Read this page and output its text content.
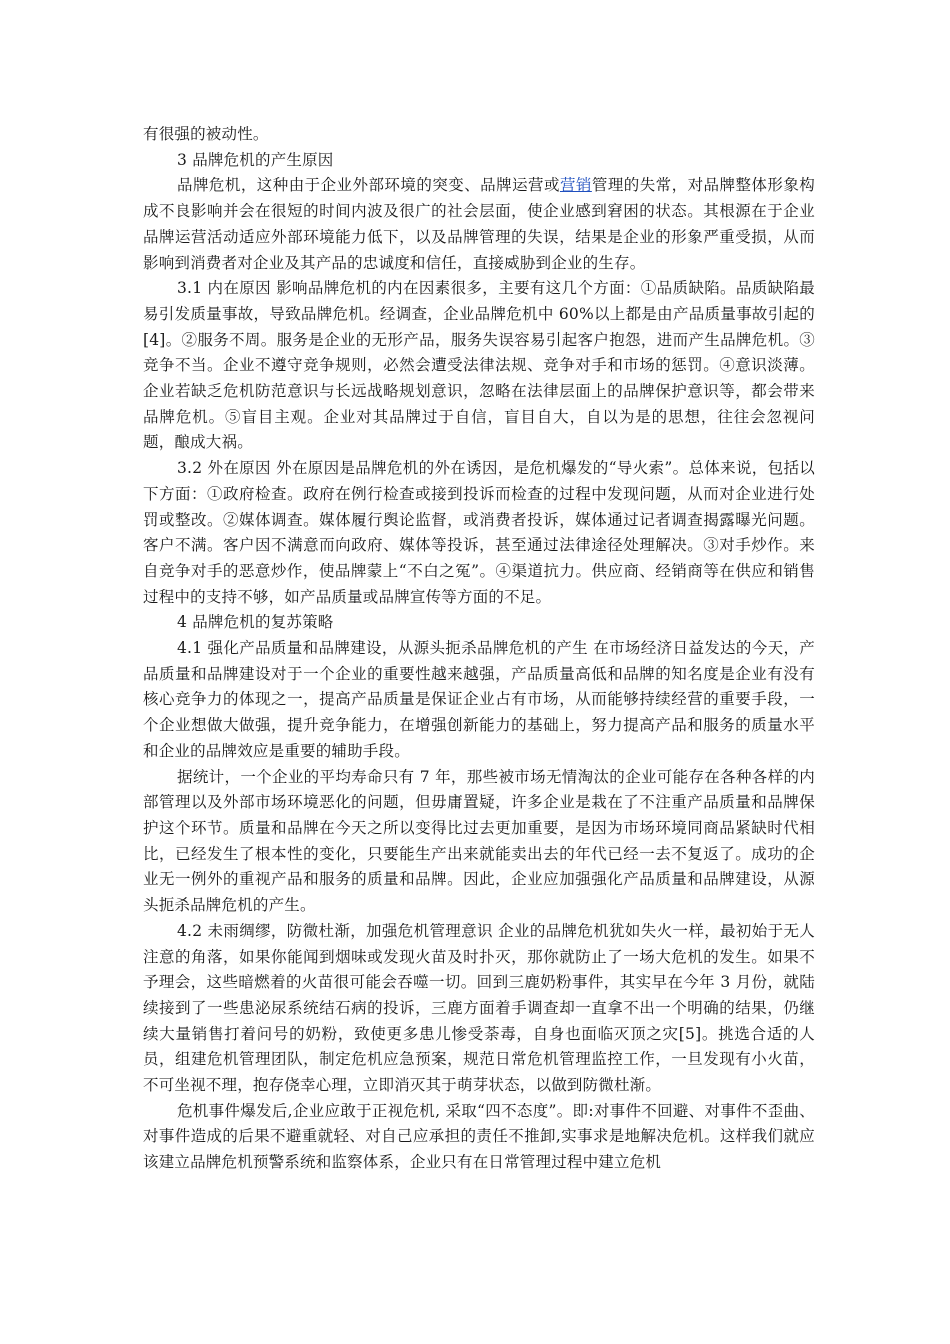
有很强的被动性。

3 品牌危机的产生原因

品牌危机，这种由于企业外部环境的突变、品牌运营或营销管理的失常，对品牌整体形象构成不良影响并会在很短的时间内波及很广的社会层面，使企业感到窘困的状态。其根源在于企业品牌运营活动适应外部环境能力低下，以及品牌管理的失误，结果是企业的形象严重受损，从而影响到消费者对企业及其产品的忠诚度和信任，直接威胁到企业的生存。

3.1 内在原因 影响品牌危机的内在因素很多，主要有这几个方面：①品质缺陷。品质缺陷最易引发质量事故，导致品牌危机。经调查，企业品牌危机中 60%以上都是由产品质量事故引起的[4]。②服务不周。服务是企业的无形产品，服务失误容易引起客户抱怨，进而产生品牌危机。③竞争不当。企业不遵守竞争规则，必然会遭受法律法规、竞争对手和市场的惩罚。④意识淡薄。企业若缺乏危机防范意识与长远战略规划意识，忽略在法律层面上的品牌保护意识等，都会带来品牌危机。⑤盲目主观。企业对其品牌过于自信，盲目自大，自以为是的思想，往往会忽视问题，酿成大祸。

3.2 外在原因 外在原因是品牌危机的外在诱因，是危机爆发的“导火索”。总体来说，包括以下方面：①政府检查。政府在例行检查或接到投诉而检查的过程中发现问题，从而对企业进行处罚或整改。②媒体调查。媒体履行舆论监督，或消费者投诉，媒体通过记者调查揭露曝光问题。客户不满。客户因不满意而向政府、媒体等投诉，甚至通过法律途径处理解决。③对手炒作。来自竞争对手的恶意炒作，使品牌蒙上“不白之冤”。④渠道抗力。供应商、经销商等在供应和销售过程中的支持不够，如产品质量或品牌宣传等方面的不足。

4 品牌危机的复苏策略

4.1 强化产品质量和品牌建设，从源头扼杀品牌危机的产生 在市场经济日益发达的今天，产品质量和品牌建设对于一个企业的重要性越来越强，产品质量高低和品牌的知名度是企业有没有核心竞争力的体现之一，提高产品质量是保证企业占有市场，从而能够持续经营的重要手段，一个企业想做大做强，提升竞争能力，在增强创新能力的基础上，努力提高产品和服务的质量水平和企业的品牌效应是重要的辅助手段。

据统计，一个企业的平均寿命只有 7 年，那些被市场无情淘汰的企业可能存在各种各样的内部管理以及外部市场环境恶化的问题，但毋庸置疑，许多企业是栽在了不注重产品质量和品牌保护这个环节。质量和品牌在今天之所以变得比过去更加重要，是因为市场环境同商品紧缺时代相比，已经发生了根本性的变化，只要能生产出来就能卖出去的年代已经一去不复返了。成功的企业无一例外的重视产品和服务的质量和品牌。因此，企业应加强强化产品质量和品牌建设，从源头扼杀品牌危机的产生。

4.2 未雨绸缪，防微杜渐，加强危机管理意识 企业的品牌危机犹如失火一样，最初始于无人注意的角落，如果你能闻到烟味或发现火苗及时扑灭，那你就防止了一场大危机的发生。如果不予理会，这些暗燃着的火苗很可能会吞噬一切。回到三鹿奶粉事件，其实早在今年 3 月份，就陆续接到了一些患泌尿系统结石病的投诉，三鹿方面着手调查却一直拿不出一个明确的结果，仍继续大量销售打着问号的奶粉，致使更多患儿惨受荼毒，自身也面临灭顶之灾[5]。挑选合适的人员，组建危机管理团队，制定危机应急预案，规范日常危机管理监控工作，一旦发现有小火苗，不可坐视不理，抱存侥幸心理，立即消灭其于萌芽状态，以做到防微杜渐。

危机事件爆发后,企业应敢于正视危机, 采取“四不态度”。即:对事件不回避、对事件不歪曲、对事件造成的后果不避重就轻、对自己应承担的责任不推卸,实事求是地解决危机。这样我们就应该建立品牌危机预警系统和监察体系，企业只有在日常管理过程中建立危机
